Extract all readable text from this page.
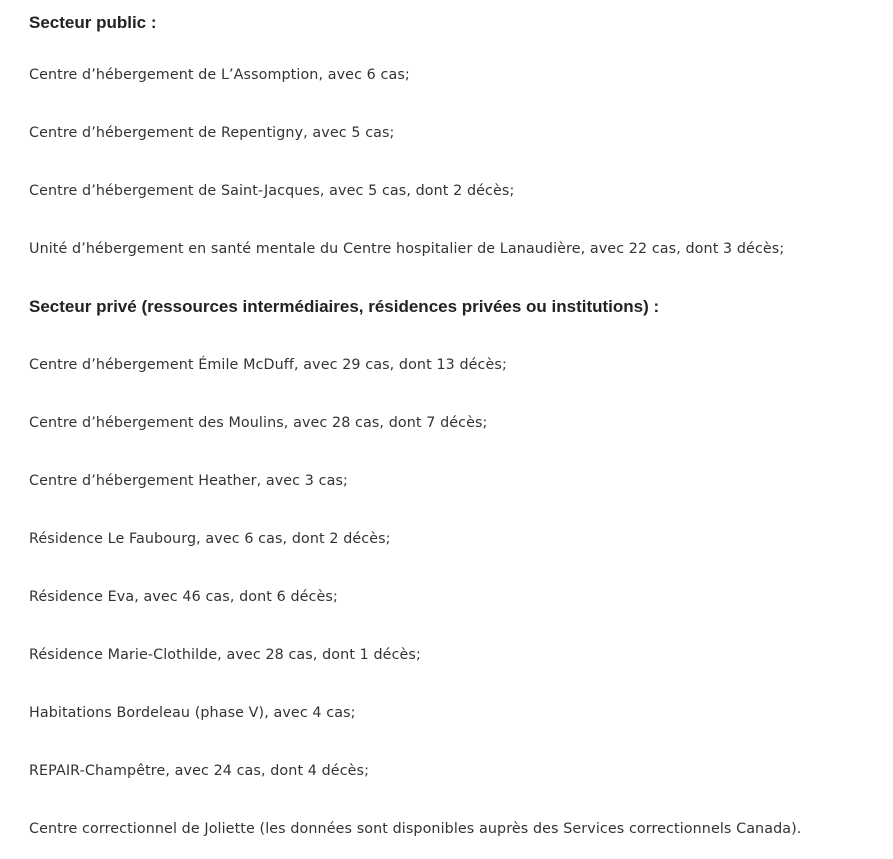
Secteur public :

Centre d’hébergement de L’Assomption, avec 6 cas;

Centre d’hébergement de Repentigny, avec 5 cas;

Centre d’hébergement de Saint-Jacques, avec 5 cas, dont 2 décès;

Unité d’hébergement en santé mentale du Centre hospitalier de Lanaudière, avec 22 cas, dont 3 décès;

Secteur privé (ressources intermédiaires, résidences privées ou institutions) :

Centre d’hébergement Émile McDuff, avec 29 cas, dont 13 décès;

Centre d’hébergement des Moulins, avec 28 cas, dont 7 décès;

Centre d’hébergement Heather, avec 3 cas;

Résidence Le Faubourg, avec 6 cas, dont 2 décès;

Résidence Eva, avec 46 cas, dont 6 décès;

Résidence Marie-Clothilde, avec 28 cas, dont 1 décès;

Habitations Bordeleau (phase V), avec 4 cas;

REPAIR-Champêtre, avec 24 cas, dont 4 décès;

Centre correctionnel de Joliette (les données sont disponibles auprès des Services correctionnels Canada).
